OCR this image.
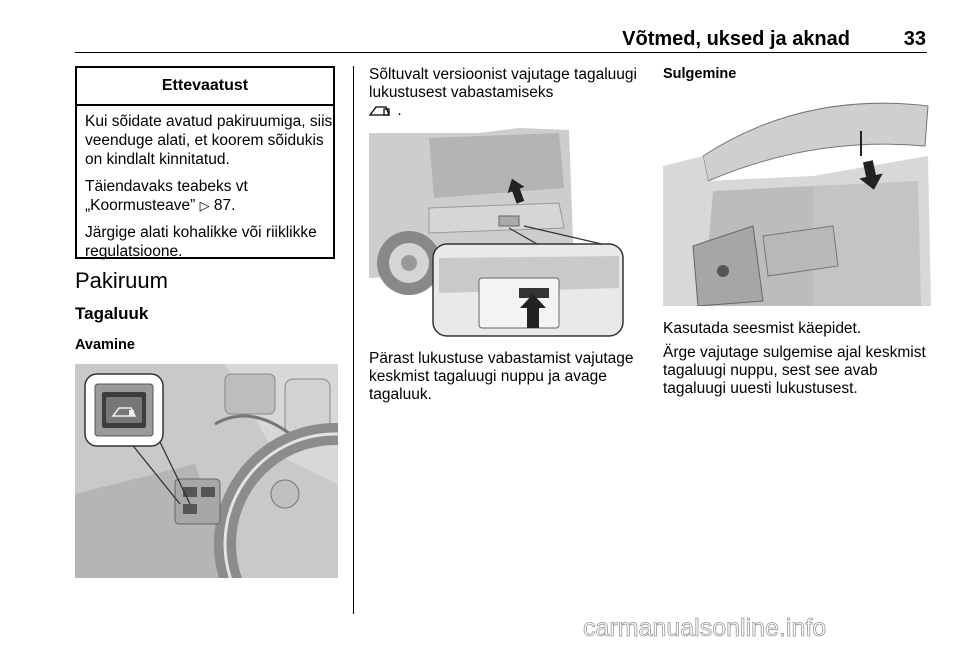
Võtmed, uksed ja aknad	33
Ettevaatust

Kui sõidate avatud pakiruumiga, siis veenduge alati, et koorem sõidukis on kindlalt kinnitatud.

Täiendavaks teabeks vt „Koormusteave” ▷ 87.

Järgige alati kohalikke või riiklikke regulatsioone.

Pakiruum
Tagaluuk
Avamine
Sõltuvalt versioonist vajutage tagaluugi lukustusest vabastamiseks
.
Pärast lukustuse vabastamist vajutage keskmist tagaluugi nuppu ja avage tagaluuk.
Sulgemine

Kasutada seesmist käepidet.

Ärge vajutage sulgemise ajal keskmist tagaluugi nuppu, sest see avab tagaluugi uuesti lukustusest.

carmanualsonline.info
